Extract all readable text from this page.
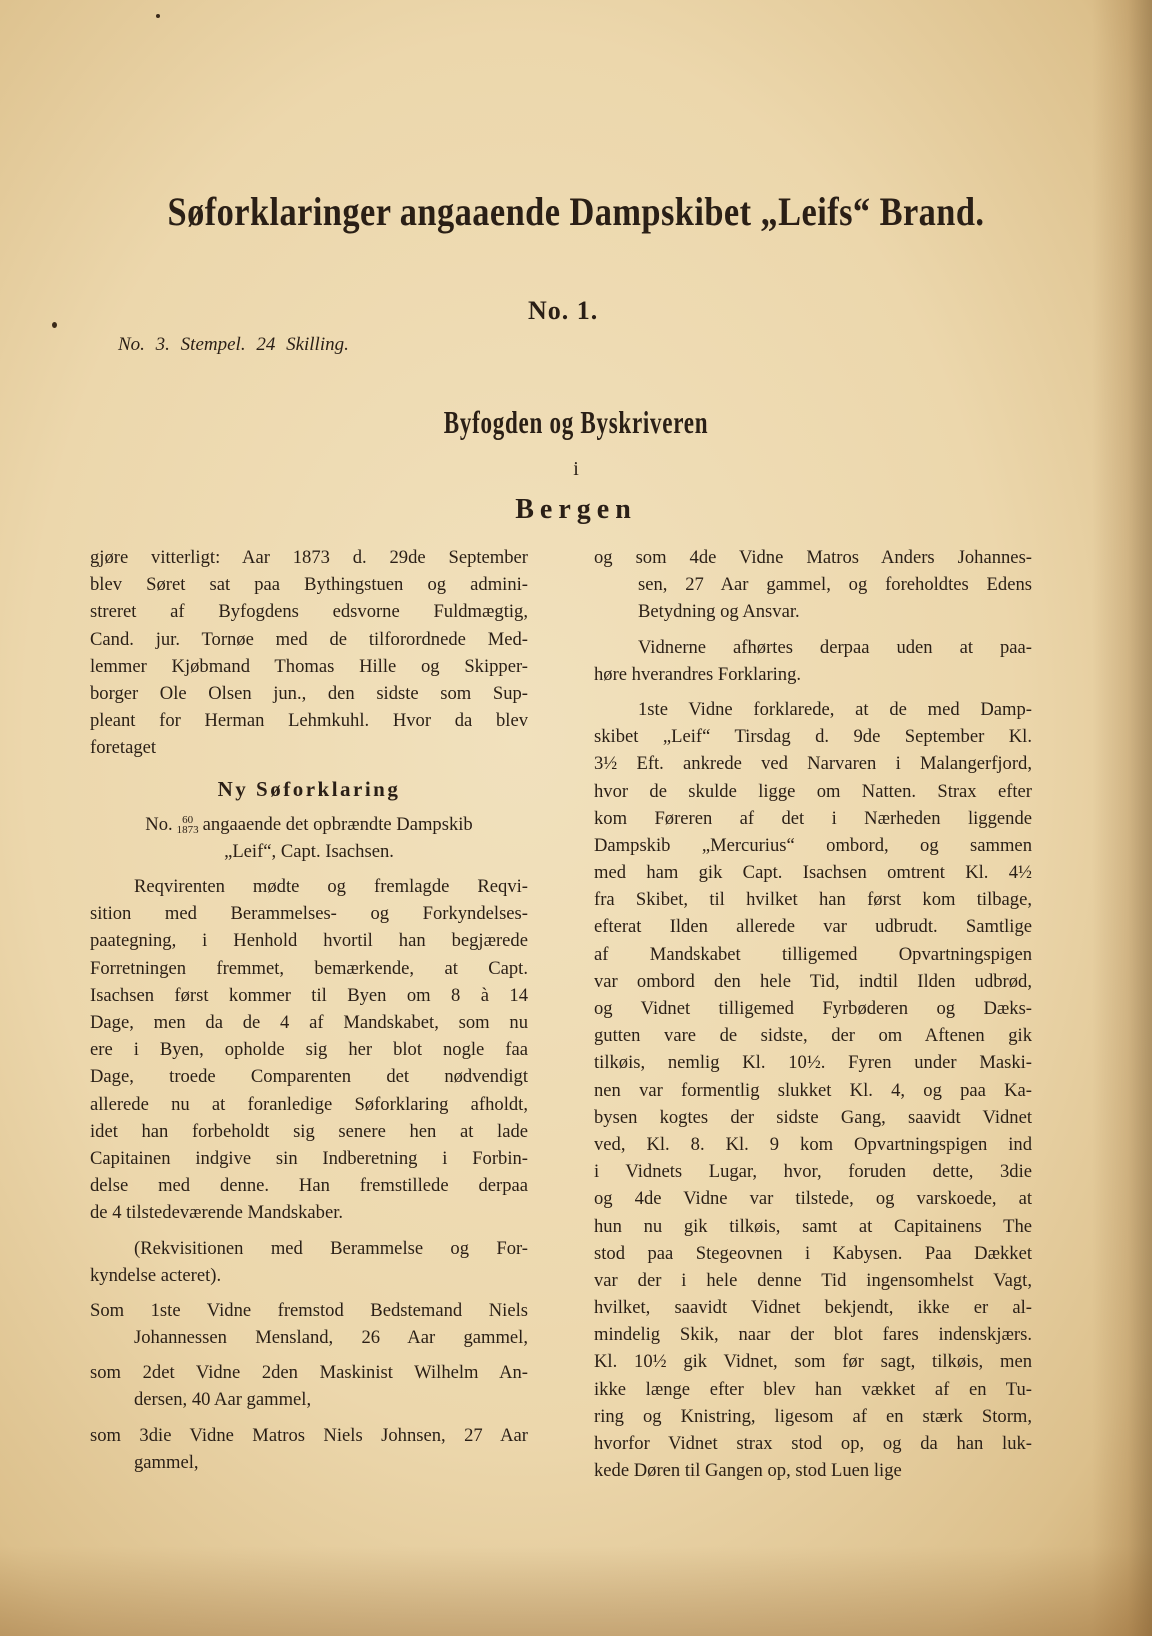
Søforklaringer angaaende Dampskibet „Leifs“ Brand.
No. 1.
No. 3. Stempel. 24 Skilling.
Byfogden og Byskriveren
i
Bergen
gjøre vitterligt: Aar 1873 d. 29de September
blev Søret sat paa Bythingstuen og admini-
streret af Byfogdens edsvorne Fuldmægtig,
Cand. jur. Tornøe med de tilforordnede Med-
lemmer Kjøbmand Thomas Hille og Skipper-
borger Ole Olsen jun., den sidste som Sup-
pleant for Herman Lehmkuhl. Hvor da blev
foretaget
Ny Søforklaring
No. 60
1873 angaaende det opbrændte Dampskib
„Leif“, Capt. Isachsen.
Reqvirenten mødte og fremlagde Reqvi-
sition med Berammelses- og Forkyndelses-
paategning, i Henhold hvortil han begjærede
Forretningen fremmet, bemærkende, at Capt.
Isachsen først kommer til Byen om 8 à 14
Dage, men da de 4 af Mandskabet, som nu
ere i Byen, opholde sig her blot nogle faa
Dage, troede Comparenten det nødvendigt
allerede nu at foranledige Søforklaring afholdt,
idet han forbeholdt sig senere hen at lade
Capitainen indgive sin Indberetning i Forbin-
delse med denne. Han fremstillede derpaa
de 4 tilstedeværende Mandskaber.
(Rekvisitionen med Berammelse og For-
kyndelse acteret).
Som 1ste Vidne fremstod Bedstemand Niels
Johannessen Mensland, 26 Aar gammel,
som 2det Vidne 2den Maskinist Wilhelm An-
dersen, 40 Aar gammel,
som 3die Vidne Matros Niels Johnsen, 27 Aar
gammel,
og som 4de Vidne Matros Anders Johannes-
sen, 27 Aar gammel, og foreholdtes Edens
Betydning og Ansvar.
Vidnerne afhørtes derpaa uden at paa-
høre hverandres Forklaring.
1ste Vidne forklarede, at de med Damp-
skibet „Leif“ Tirsdag d. 9de September Kl.
3½ Eft. ankrede ved Narvaren i Malangerfjord,
hvor de skulde ligge om Natten. Strax efter
kom Føreren af det i Nærheden liggende
Dampskib „Mercurius“ ombord, og sammen
med ham gik Capt. Isachsen omtrent Kl. 4½
fra Skibet, til hvilket han først kom tilbage,
efterat Ilden allerede var udbrudt. Samtlige
af Mandskabet tilligemed Opvartningspigen
var ombord den hele Tid, indtil Ilden udbrød,
og Vidnet tilligemed Fyrbøderen og Dæks-
gutten vare de sidste, der om Aftenen gik
tilkøis, nemlig Kl. 10½. Fyren under Maski-
nen var formentlig slukket Kl. 4, og paa Ka-
bysen kogtes der sidste Gang, saavidt Vidnet
ved, Kl. 8. Kl. 9 kom Opvartningspigen ind
i Vidnets Lugar, hvor, foruden dette, 3die
og 4de Vidne var tilstede, og varskoede, at
hun nu gik tilkøis, samt at Capitainens The
stod paa Stegeovnen i Kabysen. Paa Dækket
var der i hele denne Tid ingensomhelst Vagt,
hvilket, saavidt Vidnet bekjendt, ikke er al-
mindelig Skik, naar der blot fares indenskjærs.
Kl. 10½ gik Vidnet, som før sagt, tilkøis, men
ikke længe efter blev han vækket af en Tu-
ring og Knistring, ligesom af en stærk Storm,
hvorfor Vidnet strax stod op, og da han luk-
kede Døren til Gangen op, stod Luen lige
